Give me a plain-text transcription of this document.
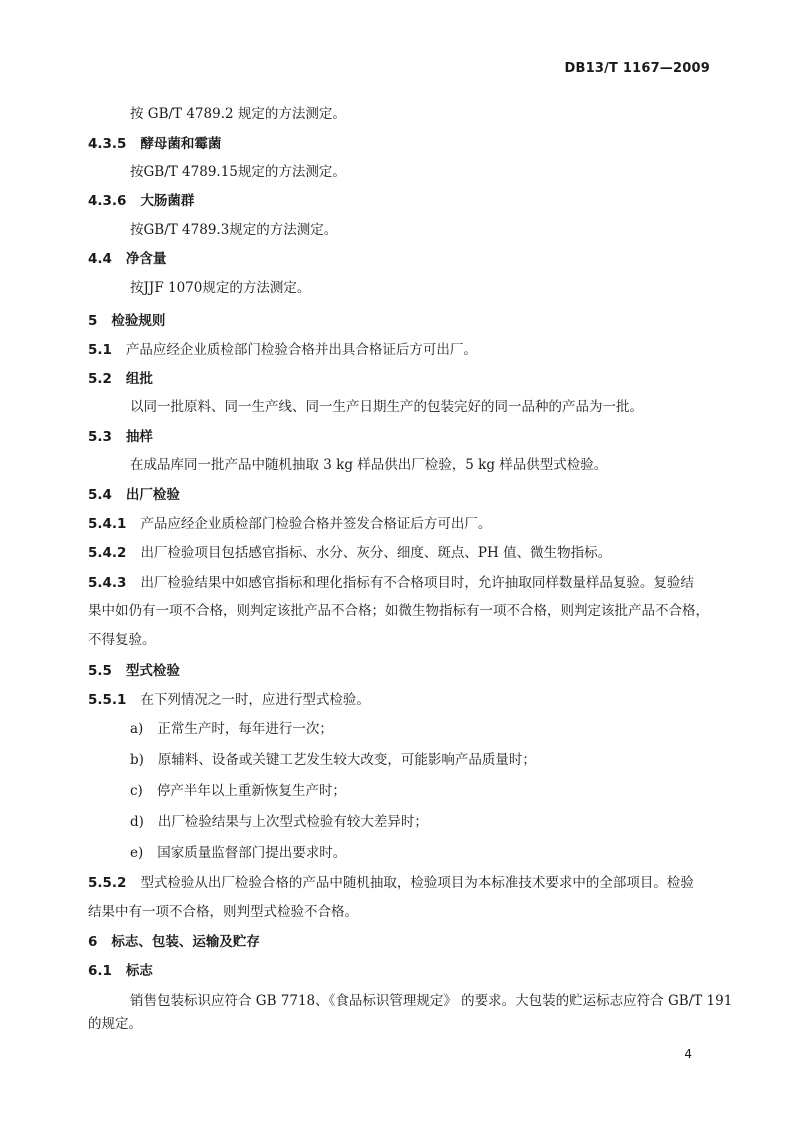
DB13/T 1167—2009
按 GB/T 4789.2 规定的方法测定。
4.3.5 酵母菌和霉菌
按GB/T 4789.15规定的方法测定。
4.3.6 大肠菌群
按GB/T 4789.3规定的方法测定。
4.4 净含量
按JJF 1070规定的方法测定。
5 检验规则
5.1 产品应经企业质检部门检验合格并出具合格证后方可出厂。
5.2 组批
以同一批原料、同一生产线、同一生产日期生产的包装完好的同一品种的产品为一批。
5.3 抽样
在成品库同一批产品中随机抽取 3 kg 样品供出厂检验，5 kg 样品供型式检验。
5.4 出厂检验
5.4.1 产品应经企业质检部门检验合格并签发合格证后方可出厂。
5.4.2 出厂检验项目包括感官指标、水分、灰分、细度、斑点、PH 值、微生物指标。
5.4.3 出厂检验结果中如感官指标和理化指标有不合格项目时，允许抽取同样数量样品复验。复验结
果中如仍有一项不合格，则判定该批产品不合格；如微生物指标有一项不合格，则判定该批产品不合格，
不得复验。
5.5 型式检验
5.5.1 在下列情况之一时，应进行型式检验。
a) 正常生产时，每年进行一次；
b) 原辅料、设备或关键工艺发生较大改变，可能影响产品质量时；
c) 停产半年以上重新恢复生产时；
d) 出厂检验结果与上次型式检验有较大差异时；
e) 国家质量监督部门提出要求时。
5.5.2 型式检验从出厂检验合格的产品中随机抽取，检验项目为本标准技术要求中的全部项目。检验
结果中有一项不合格，则判型式检验不合格。
6 标志、包装、运输及贮存
6.1 标志
销售包装标识应符合 GB 7718、《食品标识管理规定》 的要求。大包装的贮运标志应符合 GB/T 191
的规定。
4
